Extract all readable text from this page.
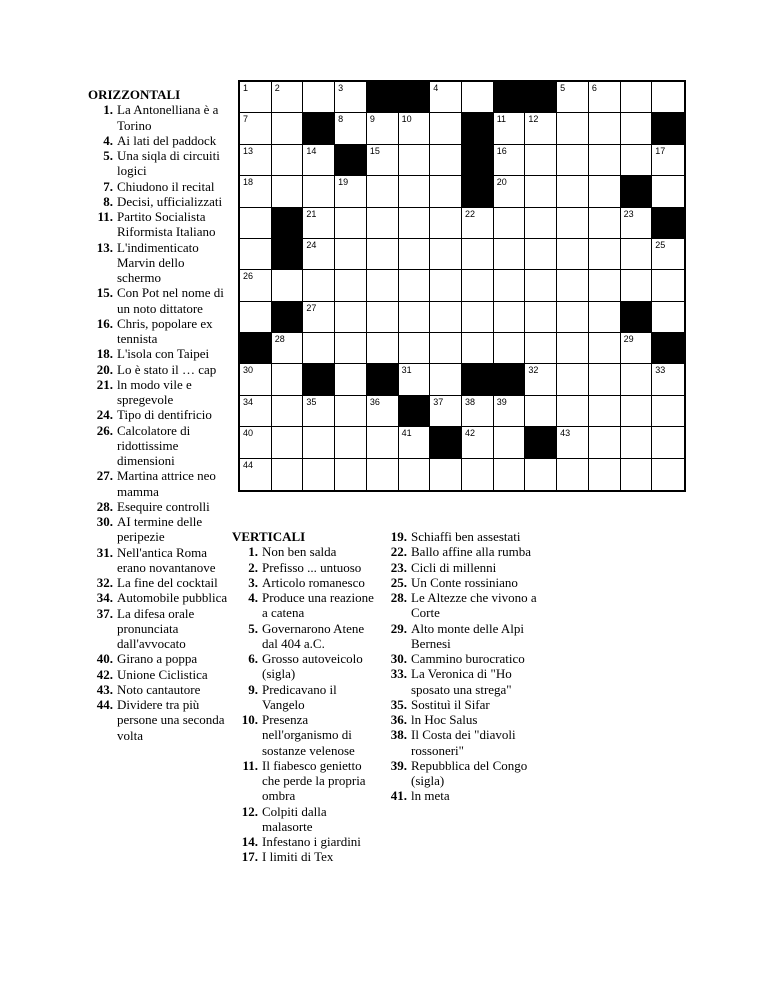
ORIZZONTALI
1. La Antonelliana è a Torino
4. Ai lati del paddock
5. Una siqla di circuiti logici
7. Chiudono il recital
8. Decisi, ufficializzati
11. Partito Socialista Riformista Italiano
13. L'indimenticato Marvin dello schermo
15. Con Pot nel nome di un noto dittatore
16. Chris, popolare ex tennista
18. L'isola con Taipei
20. Lo è stato il … cap
21. ln modo vile e spregevole
24. Tipo di dentifricio
26. Calcolatore di ridottissime dimensioni
27. Martina attrice neo mamma
28. Esequire controlli
30. AI termine delle peripezie
31. Nell'antica Roma erano novantanove
32. La fine del cocktail
34. Automobile pubblica
37. La difesa orale pronunciata dall'avvocato
40. Girano a poppa
42. Unione Ciclistica
43. Noto cantautore
44. Dividere tra più persone una seconda volta
VERTICALI
1. Non ben salda
2. Prefisso ... untuoso
3. Articolo romanesco
4. Produce una reazione a catena
5. Governarono Atene dal 404 a.C.
6. Grosso autoveicolo (sigla)
9. Predicavano il Vangelo
10. Presenza nell'organismo di sostanze velenose
11. Il fiabesco genietto che perde la propria ombra
12. Colpiti dalla malasorte
14. Infestano i giardini
17. I limiti di Tex
19. Schiaffi ben assestati
22. Ballo affine alla rumba
23. Cicli di millenni
25. Un Conte rossiniano
28. Le Altezze che vivono a Corte
29. Alto monte delle Alpi Bernesi
30. Cammino burocratico
33. La Veronica di "Ho sposato una strega"
35. Sostituì il Sifar
36. ln Hoc Salus
38. Il Costa dei "diavoli rossoneri"
39. Repubblica del Congo (sigla)
41. ln meta
1	2	3	4	5	6
7	8	9	10	11 12
13	14	15	16	17
18	19	20
21	22	23
24	25
26
27
28	29
30	31	32	33
34	35	36	37 38 39
40	41	42	43
44
